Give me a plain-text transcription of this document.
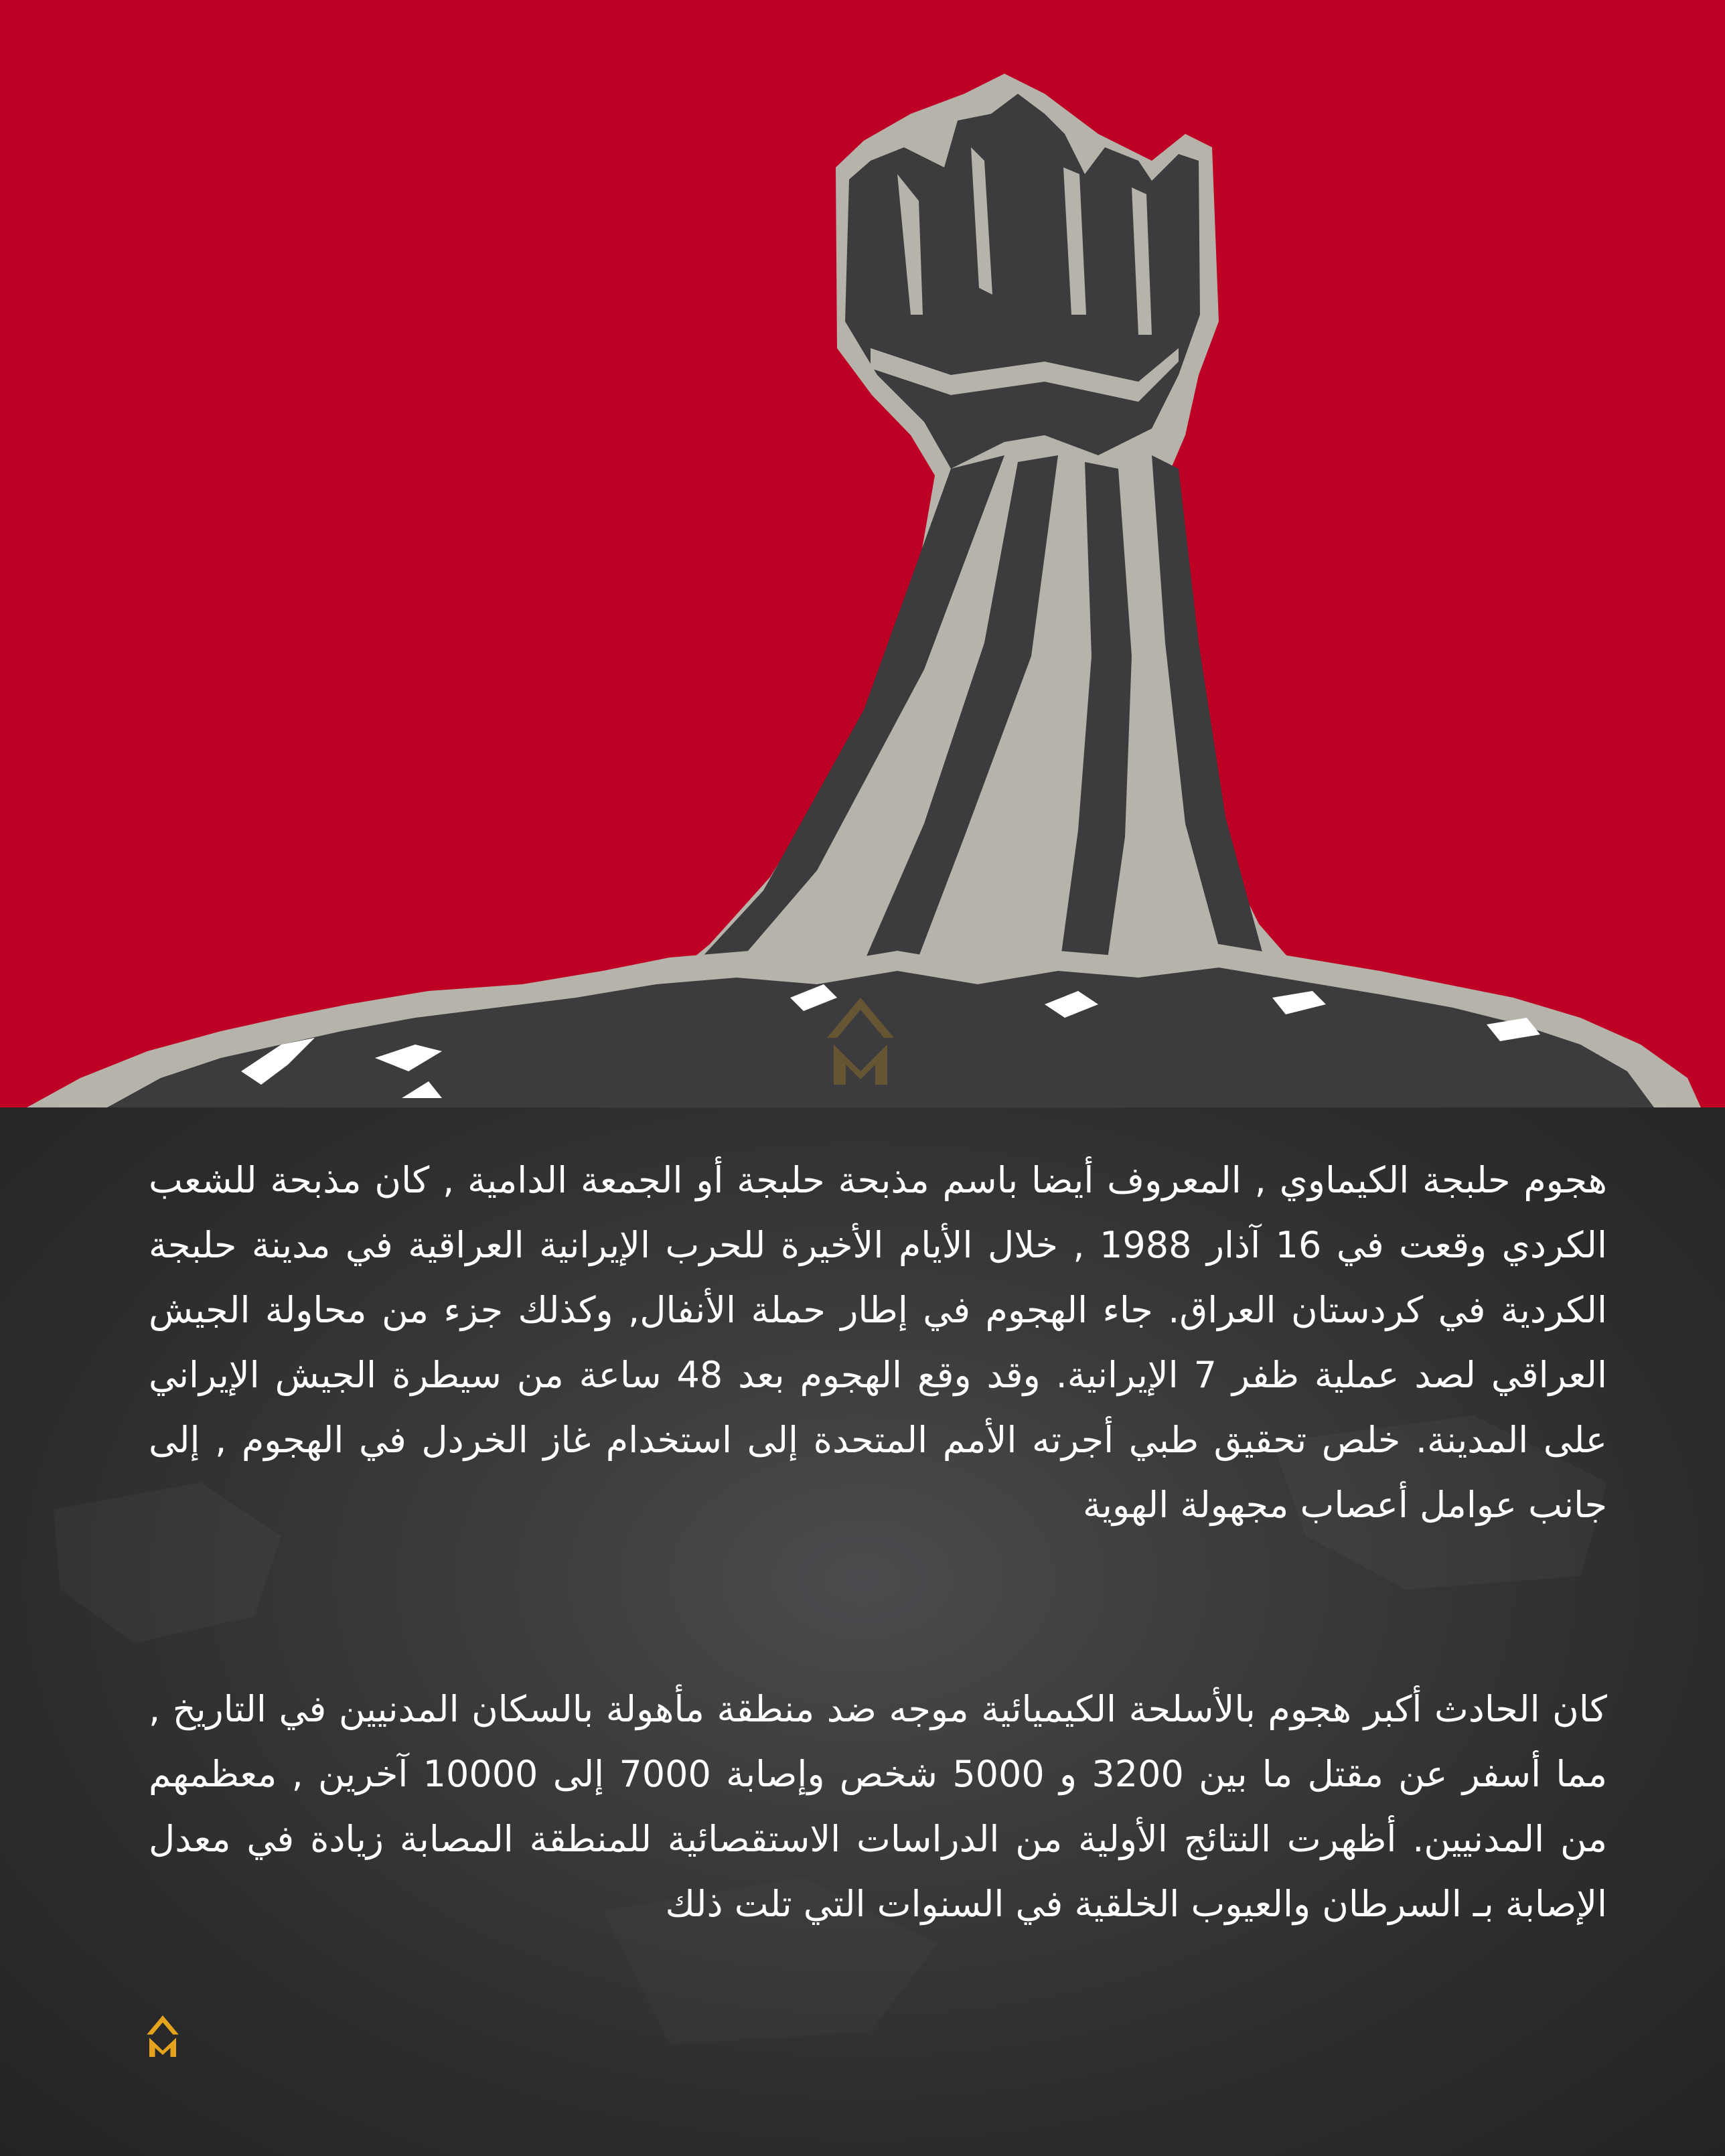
هجوم حلبجة الكيماوي , المعروف أيضا باسم مذبحة حلبجة أو الجمعة الدامية , كان مذبحة للشعب الكردي وقعت في 16 آذار 1988 , خلال الأيام الأخيرة للحرب الإيرانية العراقية في مدينة حلبجة الكردية في كردستان العراق. جاء الهجوم في إطار حملة الأنفال, وكذلك جزء من محاولة الجيش العراقي لصد عملية ظفر 7 الإيرانية. وقد وقع الهجوم بعد 48 ساعة من سيطرة الجيش الإيراني على المدينة. خلص تحقيق طبي أجرته الأمم المتحدة إلى استخدام غاز الخردل في الهجوم , إلى جانب عوامل أعصاب مجهولة الهوية

كان الحادث أكبر هجوم بالأسلحة الكيميائية موجه ضد منطقة مأهولة بالسكان المدنيين في التاريخ , مما أسفر عن مقتل ما بين 3200 و 5000 شخص وإصابة 7000 إلى 10000 آخرين , معظمهم من المدنيين. أظهرت النتائج الأولية من الدراسات الاستقصائية للمنطقة المصابة زيادة في معدل الإصابة بـ السرطان والعيوب الخلقية في السنوات التي تلت ذلك
